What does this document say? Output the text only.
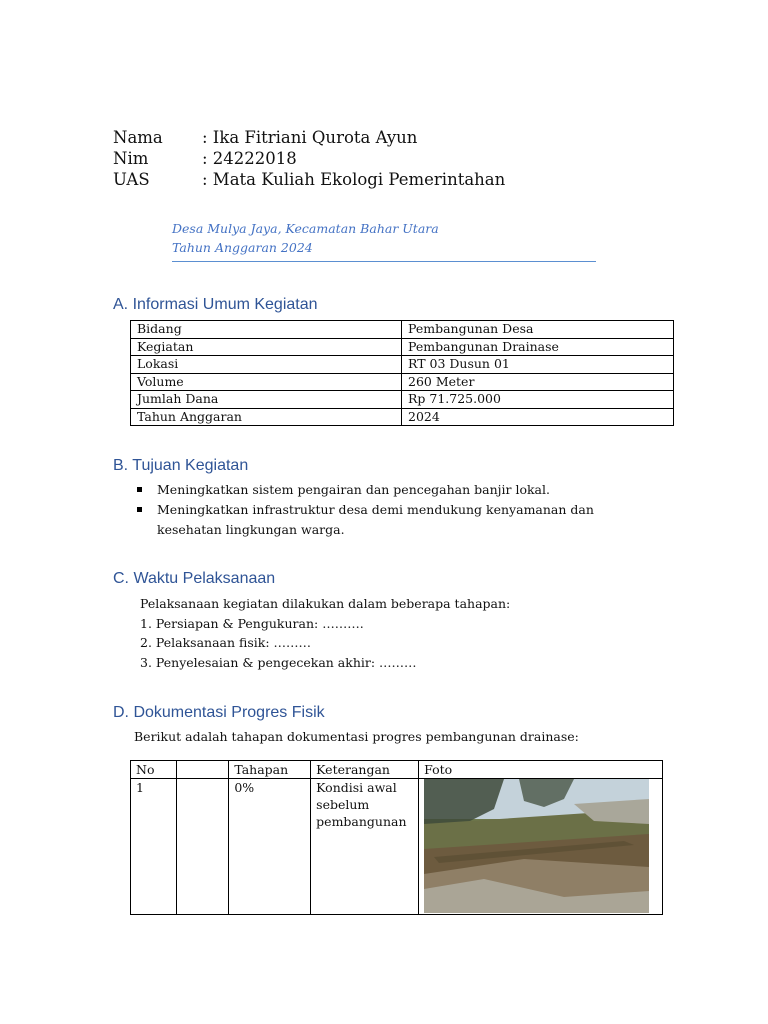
Nama : Ika Fitriani Qurota Ayun
Nim	: 24222018
UAS	: Mata Kuliah Ekologi Pemerintahan
Desa Mulya Jaya, Kecamatan Bahar Utara
Tahun Anggaran 2024
A. Informasi Umum Kegiatan
Bidang	Pembangunan Desa
Kegiatan	Pembangunan Drainase
Lokasi	RT 03 Dusun 01
Volume	260 Meter
Jumlah Dana	Rp 71.725.000
Tahun Anggaran	2024
B. Tujuan Kegiatan
Meningkatkan sistem pengairan dan pencegahan banjir lokal.
Meningkatkan infrastruktur desa demi mendukung kenyamanan dan kesehatan lingkungan warga.
C. Waktu Pelaksanaan
Pelaksanaan kegiatan dilakukan dalam beberapa tahapan:
1. Persiapan & Pengukuran: ……….
2. Pelaksanaan fisik: ………
3. Penyelesaian & pengecekan akhir: ………
D. Dokumentasi Progres Fisik
Berikut adalah tahapan dokumentasi progres pembangunan drainase:
No		Tahapan	Keterangan	Foto
1		0%	Kondisi awal sebelum pembangunan	
